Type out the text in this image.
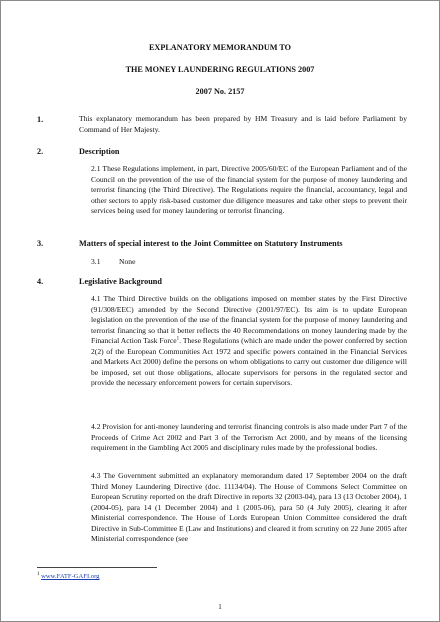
EXPLANATORY MEMORANDUM TO
THE MONEY LAUNDERING REGULATIONS 2007
2007 No. 2157
1.	This explanatory memorandum has been prepared by HM Treasury and is laid before Parliament by Command of Her Majesty.
2.	Description
2.1 These Regulations implement, in part, Directive 2005/60/EC of the European Parliament and of the Council on the prevention of the use of the financial system for the purpose of money laundering and terrorist financing (the Third Directive). The Regulations require the financial, accountancy, legal and other sectors to apply risk-based customer due diligence measures and take other steps to prevent their services being used for money laundering or terrorist financing.
3.	Matters of special interest to the Joint Committee on Statutory Instruments
3.1 None
4.	Legislative Background
4.1 The Third Directive builds on the obligations imposed on member states by the First Directive (91/308/EEC) amended by the Second Directive (2001/97/EC). Its aim is to update European legislation on the prevention of the use of the financial system for the purpose of money laundering and terrorist financing so that it better reflects the 40 Recommendations on money laundering made by the Financial Action Task Force$^1$. These Regulations (which are made under the power conferred by section 2(2) of the European Communities Act 1972 and specific powers contained in the Financial Services and Markets Act 2000) define the persons on whom obligations to carry out customer due diligence will be imposed, set out those obligations, allocate supervisors for persons in the regulated sector and provide the necessary enforcement powers for certain supervisors.
4.2 Provision for anti-money laundering and terrorist financing controls is also made under Part 7 of the Proceeds of Crime Act 2002 and Part 3 of the Terrorism Act 2000, and by means of the licensing requirement in the Gambling Act 2005 and disciplinary rules made by the professional bodies.
4.3 The Government submitted an explanatory memorandum dated 17 September 2004 on the draft Third Money Laundering Directive (doc. 11134/04). The House of Commons Select Committee on European Scrutiny reported on the draft Directive in reports 32 (2003-04), para 13 (13 October 2004), 1 (2004-05), para 14 (1 December 2004) and 1 (2005-06), para 50 (4 July 2005), clearing it after Ministerial correspondence. The House of Lords European Union Committee considered the draft Directive in Sub-Committee E (Law and Institutions) and cleared it from scrutiny on 22 June 2005 after Ministerial correspondence (see
$^1$ www.FATF-GAFI.org
1
